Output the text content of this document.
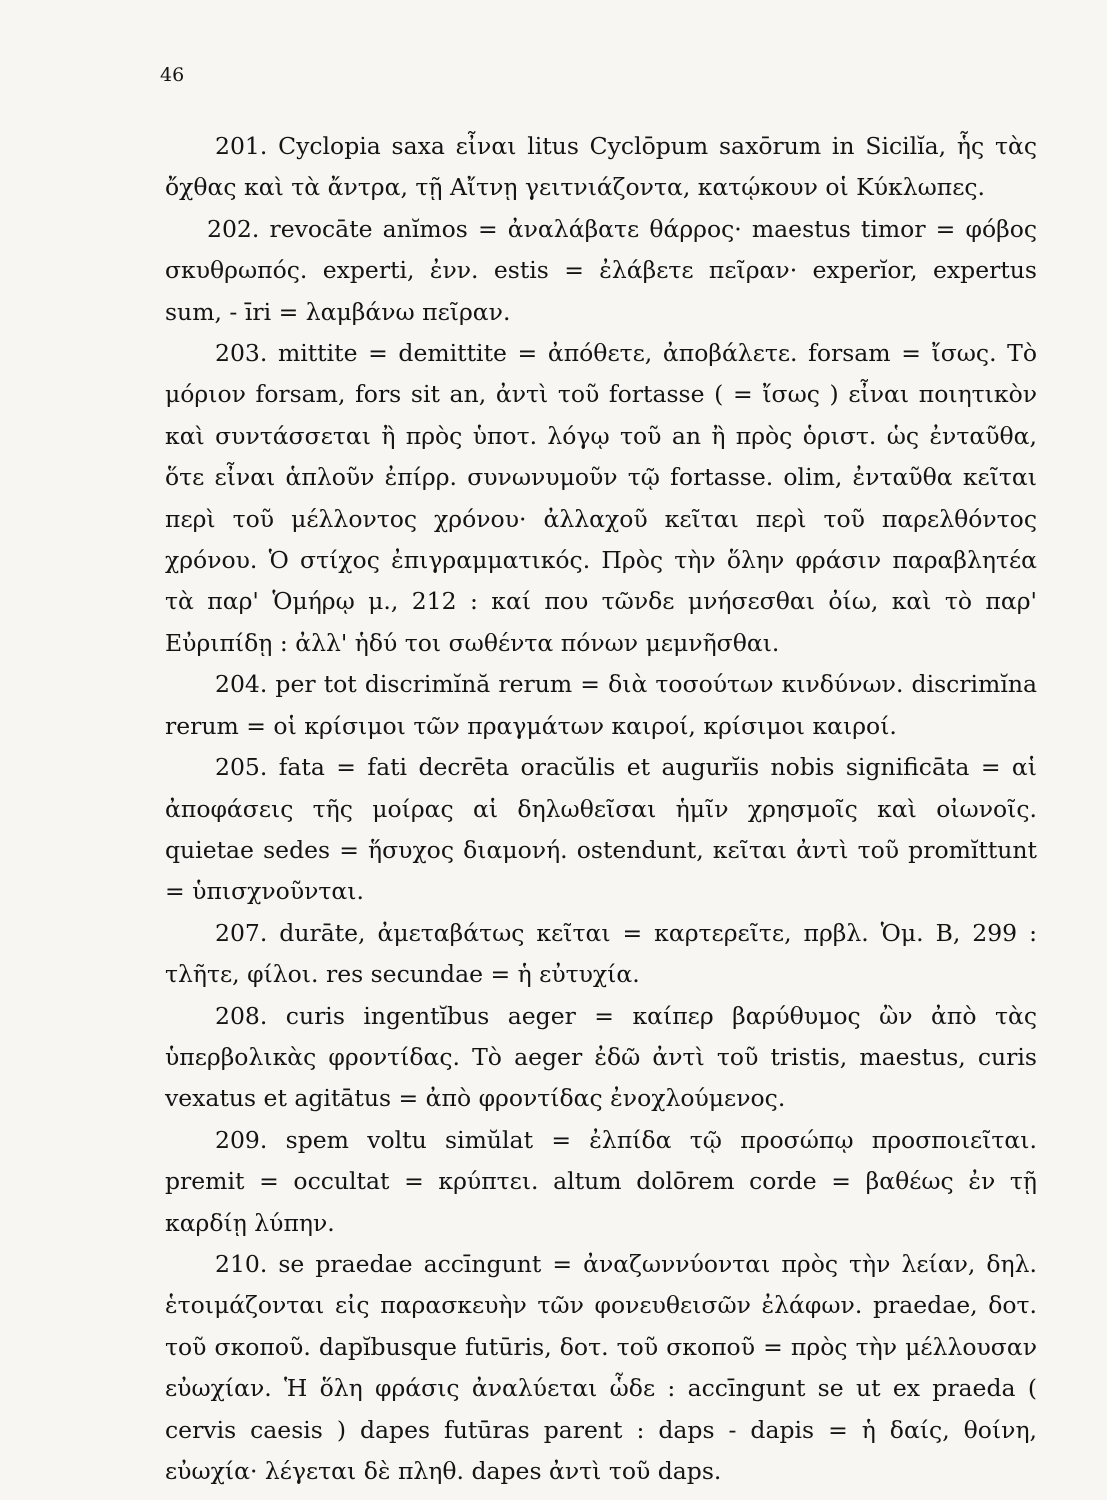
46

201. Cyclopia saxa εἶναι litus Cyclōpum saxōrum in Sicilĭa, ἧς τὰς ὄχθας καὶ τὰ ἄντρα, τῇ Αἴτνῃ γειτνιάζοντα, κατῴκουν οἱ Κύκλωπες.

202. revocāte anĭmos = ἀναλάβατε θάρρος· maestus timor = φόβος σκυθρωπός. experti, ἐνν. estis = ἐλάβετε πεῖραν· experĭor, expertus sum, - īri = λαμβάνω πεῖραν.

203. mittite = demittite = ἀπόθετε, ἀποβάλετε. forsam = ἴσως. Τὸ μόριον forsam, fors sit an, ἀντὶ τοῦ fortasse ( = ἴσως ) εἶναι ποιητικὸν καὶ συντάσσεται ἢ πρὸς ὑποτ. λόγῳ τοῦ an ἢ πρὸς ὁριστ. ὡς ἐνταῦθα, ὅτε εἶναι ἁπλοῦν ἐπίρρ. συνωνυμοῦν τῷ fortasse. olim, ἐνταῦθα κεῖται περὶ τοῦ μέλλοντος χρόνου· ἀλλαχοῦ κεῖται περὶ τοῦ παρελθόντος χρόνου. Ὁ στίχος ἐπιγραμματικός. Πρὸς τὴν ὅλην φράσιν παραβλητέα τὰ παρ' Ὁμήρῳ μ., 212 : καί που τῶνδε μνήσεσθαι ὀίω, καὶ τὸ παρ' Εὐριπίδῃ : ἀλλ' ἡδύ τοι σωθέντα πόνων μεμνῆσθαι.

204. per tot discrimĭnă rerum = διὰ τοσούτων κινδύνων. discrimĭna rerum = οἱ κρίσιμοι τῶν πραγμάτων καιροί, κρίσιμοι καιροί.

205. fata = fati decrēta oracŭlis et augurĭis nobis significāta = αἱ ἀποφάσεις τῆς μοίρας αἱ δηλωθεῖσαι ἡμῖν χρησμοῖς καὶ οἰωνοῖς. quietae sedes = ἥσυχος διαμονή. ostendunt, κεῖται ἀντὶ τοῦ promĭttunt = ὑπισχνοῦνται.

207. durāte, ἀμεταβάτως κεῖται = καρτερεῖτε, πρβλ. Ὁμ. Β, 299 : τλῆτε, φίλοι. res secundae = ἡ εὐτυχία.

208. curis ingentĭbus aeger = καίπερ βαρύθυμος ὢν ἀπὸ τὰς ὑπερβολικὰς φροντίδας. Τὸ aeger ἐδῶ ἀντὶ τοῦ tristis, maestus, curis vexatus et agitātus = ἀπὸ φροντίδας ἐνοχλούμενος.

209. spem voltu simŭlat = ἐλπίδα τῷ προσώπῳ προσποιεῖται. premit = occultat = κρύπτει. altum dolōrem corde = βαθέως ἐν τῇ καρδίῃ λύπην.

210. se praedae accīngunt = ἀναζωννύονται πρὸς τὴν λείαν, δηλ. ἑτοιμάζονται εἰς παρασκευὴν τῶν φονευθεισῶν ἐλάφων. praedae, δοτ. τοῦ σκοποῦ. dapĭbusque futūris, δοτ. τοῦ σκοποῦ = πρὸς τὴν μέλλουσαν εὐωχίαν. Ἡ ὅλη φράσις ἀναλύεται ὧδε : accīngunt se ut ex praeda ( cervis caesis ) dapes futūras parent : daps - dapis = ἡ δαίς, θοίνη, εὐωχία· λέγεται δὲ πληθ. dapes ἀντὶ τοῦ daps.
